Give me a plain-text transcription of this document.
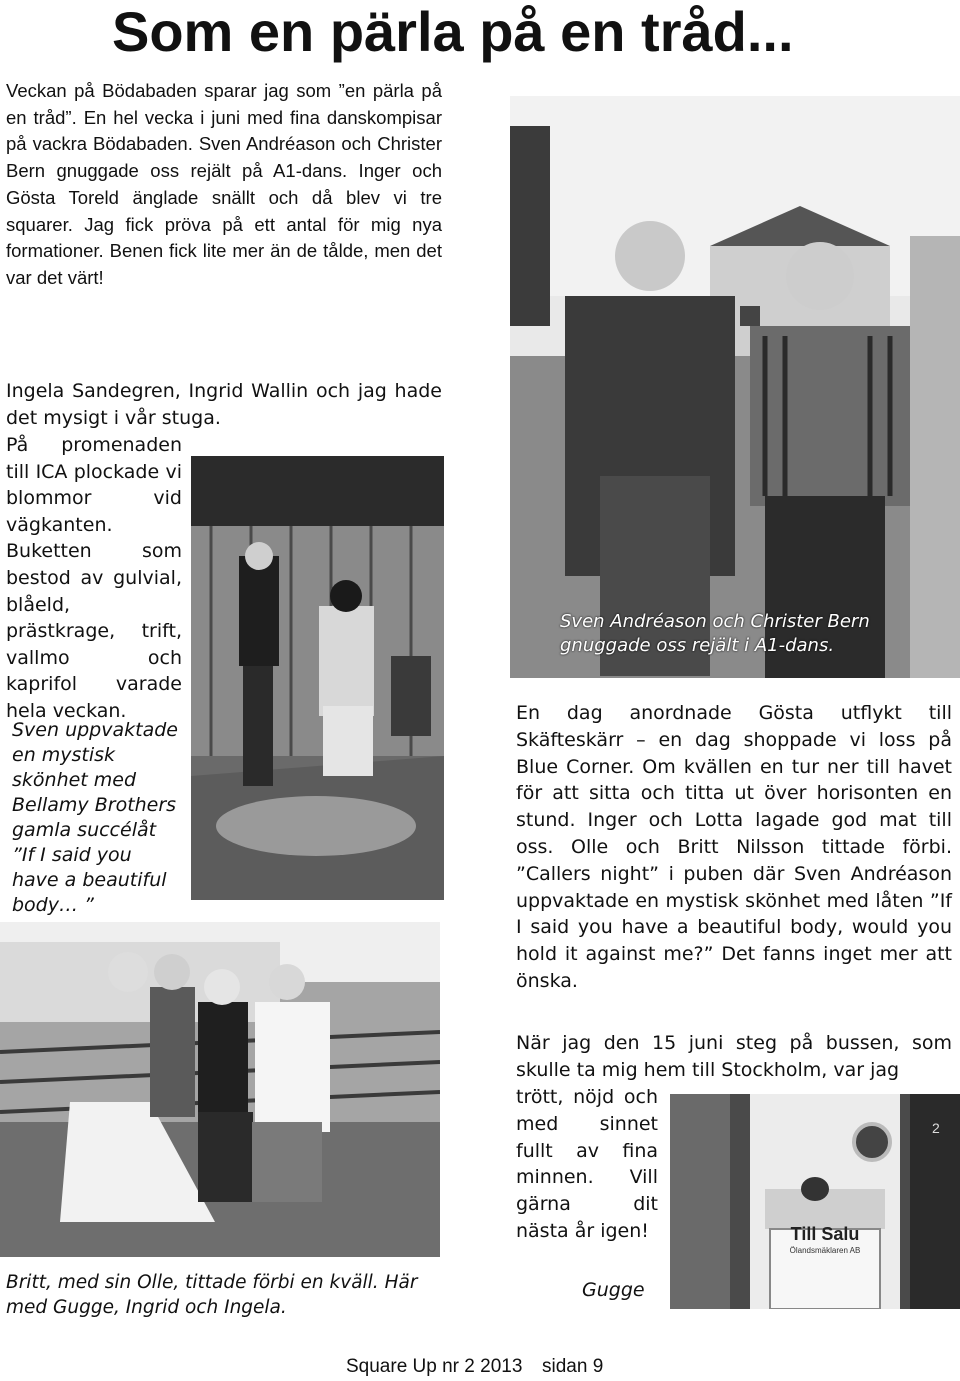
Som en pärla på en tråd...

Veckan på Bödabaden sparar jag som ”en pärla på en tråd”. En hel vecka i juni med fina danskompisar på vackra Bödabaden. Sven Andréason och Christer Bern gnuggade oss rejält på A1-dans. Inger och Gösta Toreld änglade snällt och då blev vi tre squarer. Jag fick pröva på ett antal för mig nya formationer. Benen fick lite mer än de tålde, men det var det värt!

Ingela Sandegren, Ingrid Wallin och jag hade det mysigt i vår stuga.

På promenaden till ICA plockade vi blommor vid vägkanten. Buketten som bestod av gulvial, blåeld, prästkrage, trift, vallmo och kaprifol varade hela veckan.

Sven uppvaktade en mystisk skönhet med Bellamy Brothers gamla succélåt ”If I said you have a beautiful body… ”

Sven Andréason och Christer Bern gnuggade oss rejält i A1-dans.

En dag anordnade Gösta utflykt till Skäfteskärr – en dag shoppade vi loss på Blue Corner. Om kvällen en tur ner till havet för att sitta och titta ut över horisonten en stund. Inger och Lotta lagade god mat till oss. Olle och Britt Nilsson tittade förbi. ”Callers night” i puben där Sven Andréason uppvaktade en mystisk skönhet med låten ”If I said you have a beautiful body, would you hold it against me?” Det fanns inget mer att önska.

Britt, med sin Olle, tittade förbi en kväll. Här med Gugge, Ingrid och Ingela.

När jag den 15 juni steg på bussen, som skulle ta mig hem till Stockholm, var jag

trött, nöjd och med sinnet fullt av fina minnen. Vill gärna dit nästa år igen!	Till Salu
Ölandsmäklaren AB
2

Gugge

Square Up nr 2 2013 sidan 9
